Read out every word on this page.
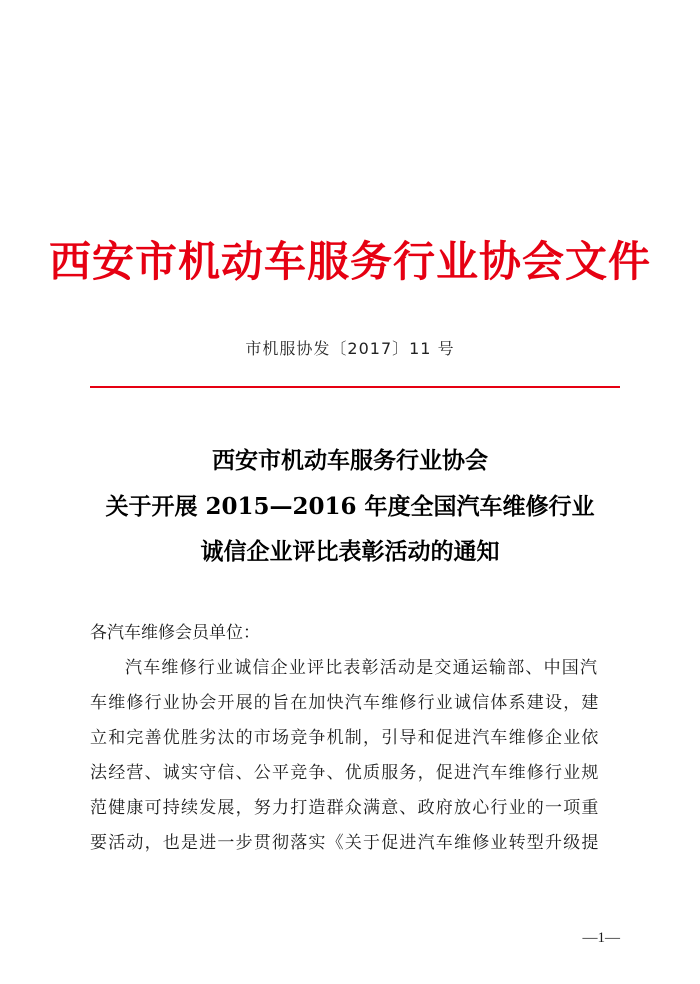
西安市机动车服务行业协会文件
市机服协发〔2017〕11 号
西安市机动车服务行业协会
关于开展 2015—2016 年度全国汽车维修行业
诚信企业评比表彰活动的通知
各汽车维修会员单位：
汽车维修行业诚信企业评比表彰活动是交通运输部、中国汽
车维修行业协会开展的旨在加快汽车维修行业诚信体系建设，建
立和完善优胜劣汰的市场竞争机制，引导和促进汽车维修企业依
法经营、诚实守信、公平竞争、优质服务，促进汽车维修行业规
范健康可持续发展，努力打造群众满意、政府放心行业的一项重
要活动，也是进一步贯彻落实《关于促进汽车维修业转型升级提
—1—
